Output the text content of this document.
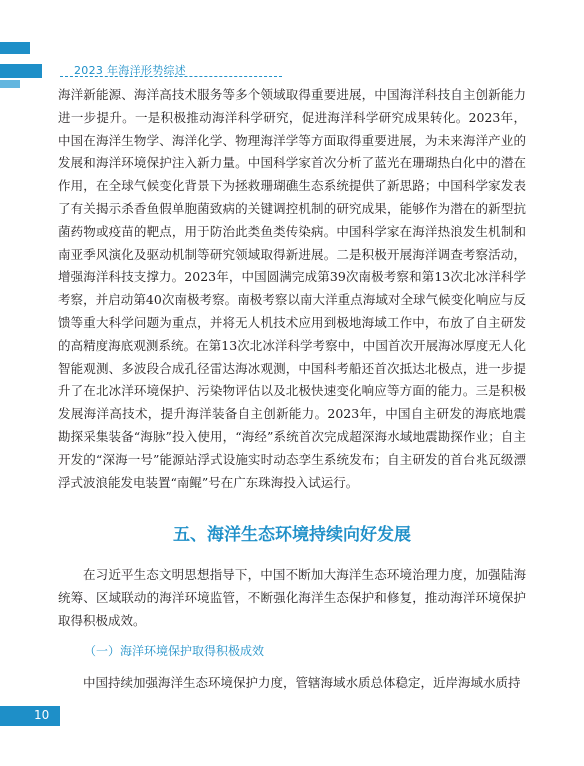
2023 年海洋形势综述

海洋新能源、海洋高技术服务等多个领域取得重要进展，中国海洋科技自主创新能力进一步提升。一是积极推动海洋科学研究，促进海洋科学研究成果转化。2023年，中国在海洋生物学、海洋化学、物理海洋学等方面取得重要进展，为未来海洋产业的发展和海洋环境保护注入新力量。中国科学家首次分析了蓝光在珊瑚热白化中的潜在作用，在全球气候变化背景下为拯救珊瑚礁生态系统提供了新思路；中国科学家发表了有关揭示杀香鱼假单胞菌致病的关键调控机制的研究成果，能够作为潜在的新型抗菌药物或疫苗的靶点，用于防治此类鱼类传染病。中国科学家在海洋热浪发生机制和南亚季风演化及驱动机制等研究领域取得新进展。二是积极开展海洋调查考察活动，增强海洋科技支撑力。2023年，中国圆满完成第39次南极考察和第13次北冰洋科学考察，并启动第40次南极考察。南极考察以南大洋重点海域对全球气候变化响应与反馈等重大科学问题为重点，并将无人机技术应用到极地海域工作中，布放了自主研发的高精度海底观测系统。在第13次北冰洋科学考察中，中国首次开展海冰厚度无人化智能观测、多波段合成孔径雷达海冰观测，中国科考船还首次抵达北极点，进一步提升了在北冰洋环境保护、污染物评估以及北极快速变化响应等方面的能力。三是积极发展海洋高技术，提升海洋装备自主创新能力。2023年，中国自主研发的海底地震勘探采集装备“海脉”投入使用，“海经”系统首次完成超深海水域地震勘探作业；自主开发的“深海一号”能源站浮式设施实时动态孪生系统发布；自主研发的首台兆瓦级漂浮式波浪能发电装置“南鲲”号在广东珠海投入试运行。

五、海洋生态环境持续向好发展

在习近平生态文明思想指导下，中国不断加大海洋生态环境治理力度，加强陆海统筹、区域联动的海洋环境监管，不断强化海洋生态保护和修复，推动海洋环境保护取得积极成效。

（一）海洋环境保护取得积极成效

中国持续加强海洋生态环境保护力度，管辖海域水质总体稳定，近岸海域水质持

10
